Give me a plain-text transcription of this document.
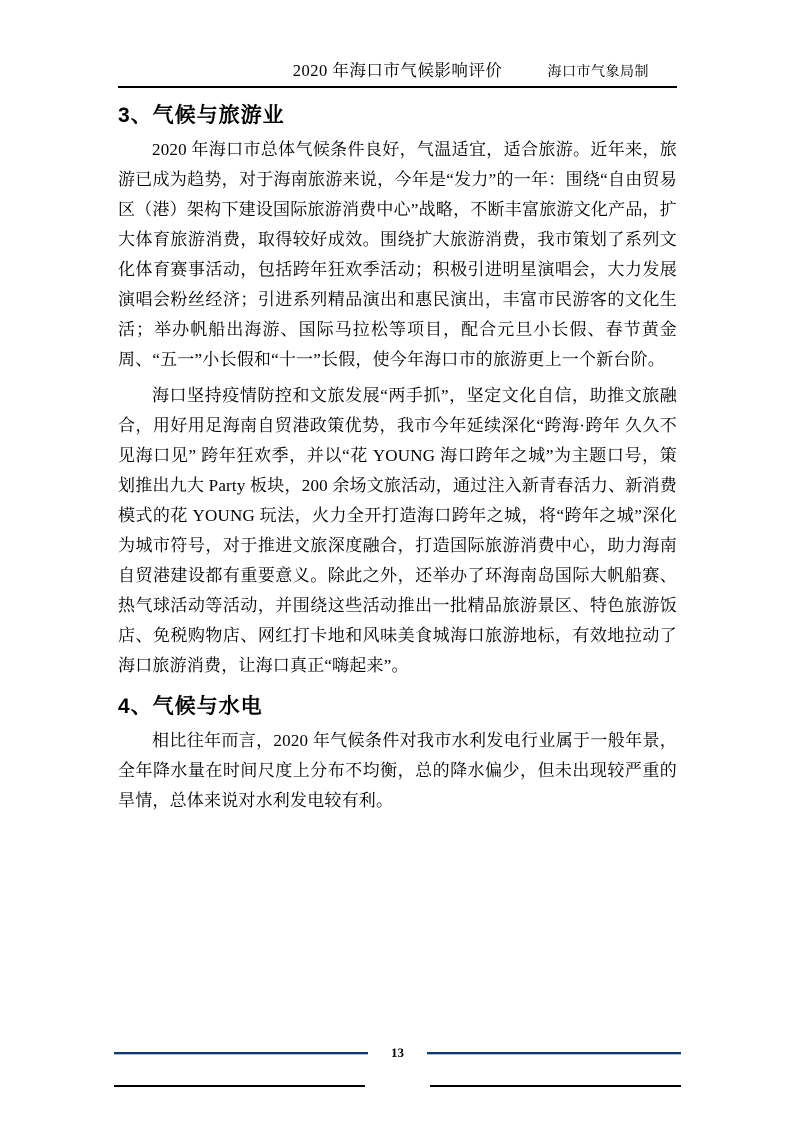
2020 年海口市气候影响评价	海口市气象局制
3、气候与旅游业

2020 年海口市总体气候条件良好，气温适宜，适合旅游。近年来，旅游已成为趋势，对于海南旅游来说，今年是“发力”的一年：围绕“自由贸易区（港）架构下建设国际旅游消费中心”战略，不断丰富旅游文化产品，扩大体育旅游消费，取得较好成效。围绕扩大旅游消费，我市策划了系列文化体育赛事活动，包括跨年狂欢季活动；积极引进明星演唱会，大力发展演唱会粉丝经济；引进系列精品演出和惠民演出，丰富市民游客的文化生活；举办帆船出海游、国际马拉松等项目，配合元旦小长假、春节黄金周、“五一”小长假和“十一”长假，使今年海口市的旅游更上一个新台阶。

海口坚持疫情防控和文旅发展“两手抓”，坚定文化自信，助推文旅融合，用好用足海南自贸港政策优势，我市今年延续深化“跨海·跨年 久久不见海口见” 跨年狂欢季，并以“花 YOUNG 海口跨年之城”为主题口号，策划推出九大 Party 板块，200 余场文旅活动，通过注入新青春活力、新消费模式的花 YOUNG 玩法，火力全开打造海口跨年之城，将“跨年之城”深化为城市符号，对于推进文旅深度融合，打造国际旅游消费中心，助力海南自贸港建设都有重要意义。除此之外，还举办了环海南岛国际大帆船赛、热气球活动等活动，并围绕这些活动推出一批精品旅游景区、特色旅游饭店、免税购物店、网红打卡地和风味美食城海口旅游地标，有效地拉动了海口旅游消费，让海口真正“嗨起来”。

4、气候与水电

相比往年而言，2020 年气候条件对我市水利发电行业属于一般年景，全年降水量在时间尺度上分布不均衡，总的降水偏少，但未出现较严重的旱情，总体来说对水利发电较有利。

13
